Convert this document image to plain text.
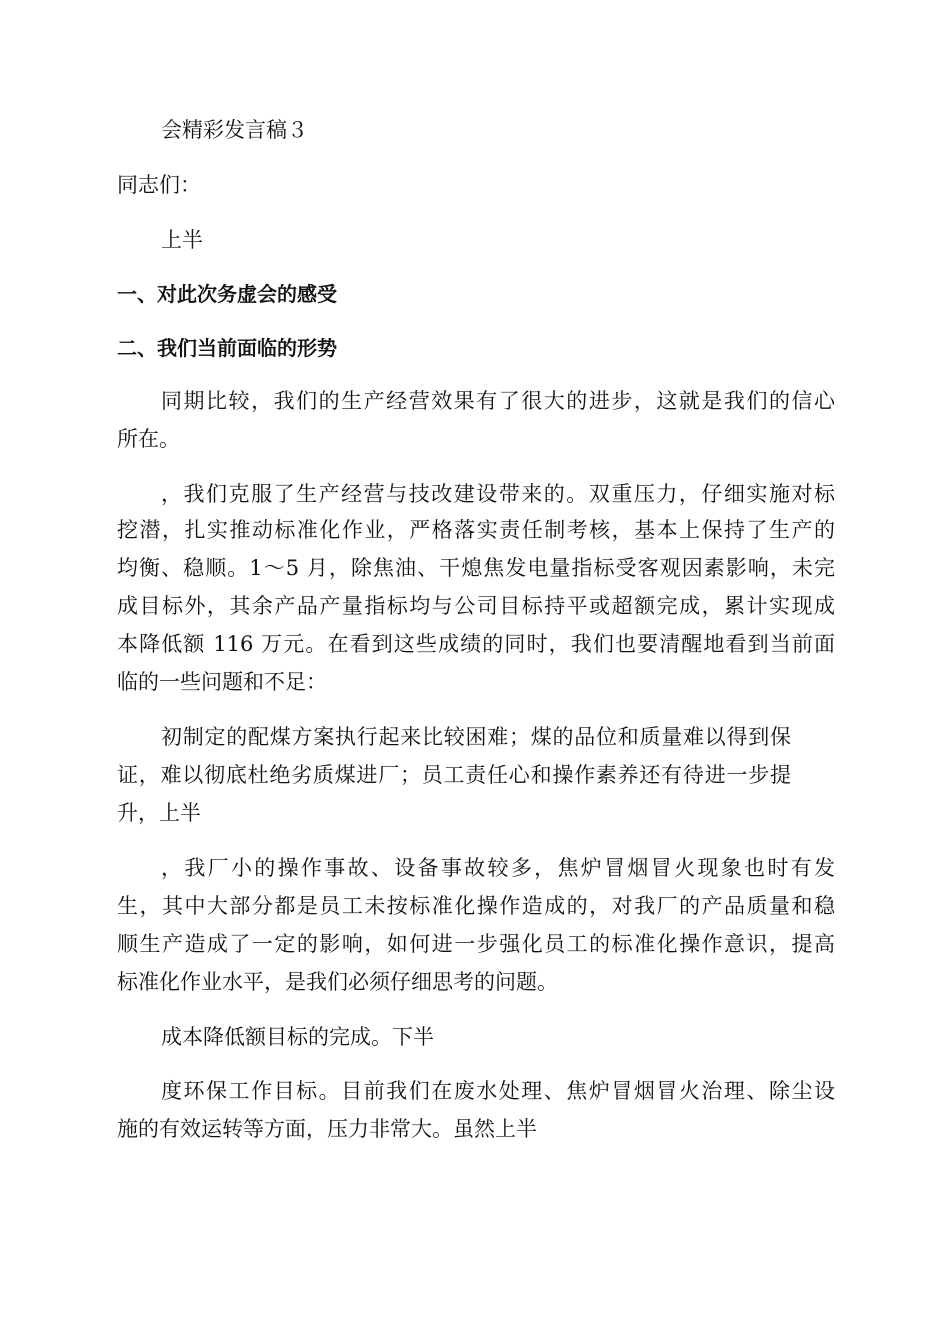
会精彩发言稿３
同志们：
上半
一、对此次务虚会的感受
二、我们当前面临的形势
同期比较，我们的生产经营效果有了很大的进步，这就是我们的信心
所在。
，我们克服了生产经营与技改建设带来的。双重压力，仔细实施对标
挖潜，扎实推动标准化作业，严格落实责任制考核，基本上保持了生产的
均衡、稳顺。1～5 月，除焦油、干熄焦发电量指标受客观因素影响，未完
成目标外，其余产品产量指标均与公司目标持平或超额完成，累计实现成
本降低额 116 万元。在看到这些成绩的同时，我们也要清醒地看到当前面
临的一些问题和不足：
初制定的配煤方案执行起来比较困难；煤的品位和质量难以得到保
证，难以彻底杜绝劣质煤进厂；员工责任心和操作素养还有待进一步提
升，上半
，我厂小的操作事故、设备事故较多，焦炉冒烟冒火现象也时有发
生，其中大部分都是员工未按标准化操作造成的，对我厂的产品质量和稳
顺生产造成了一定的影响，如何进一步强化员工的标准化操作意识，提高
标准化作业水平，是我们必须仔细思考的问题。
成本降低额目标的完成。下半
度环保工作目标。目前我们在废水处理、焦炉冒烟冒火治理、除尘设
施的有效运转等方面，压力非常大。虽然上半
